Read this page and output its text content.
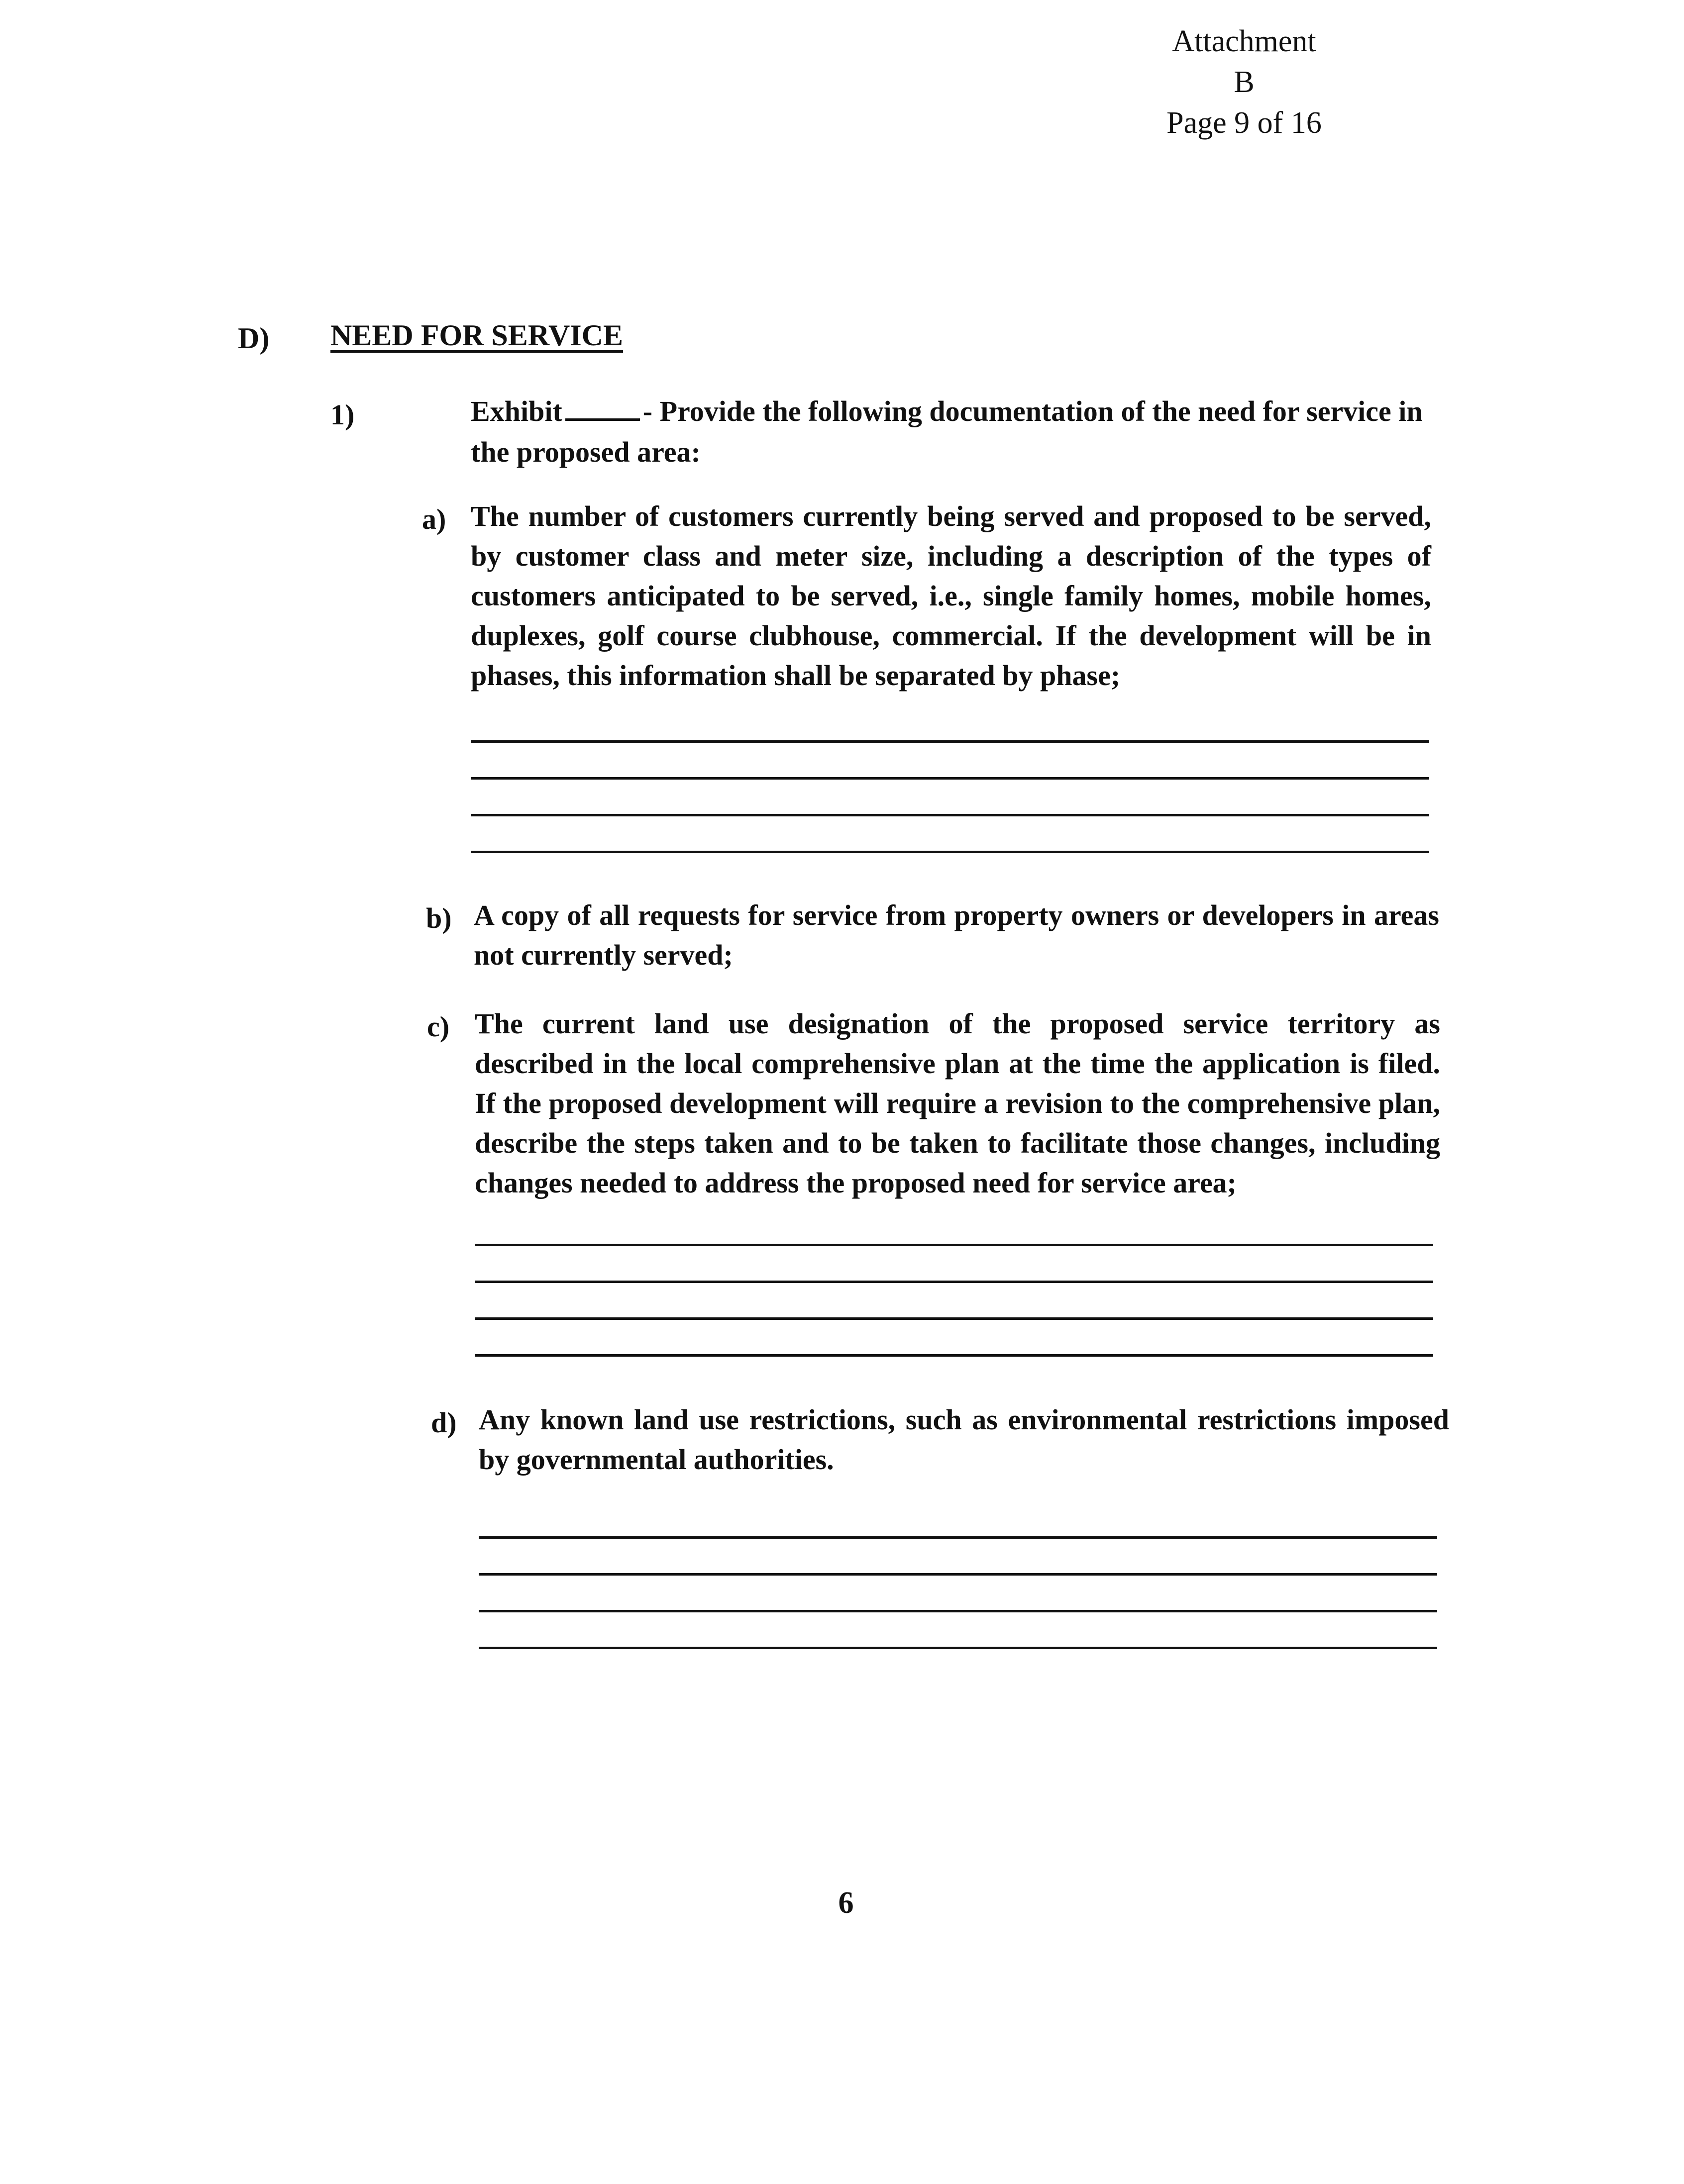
Attachment B
Page 9 of 16
D) NEED FOR SERVICE
1)	Exhibit	- Provide the following documentation of the need for service in the proposed area:
a) The number of customers currently being served and proposed to be served, by customer class and meter size, including a description of the types of customers anticipated to be served, i.e., single family homes, mobile homes, duplexes, golf course clubhouse, commercial. If the development will be in phases, this information shall be separated by phase;
b) A copy of all requests for service from property owners or developers in areas not currently served;
c) The current land use designation of the proposed service territory as described in the local comprehensive plan at the time the application is filed. If the proposed development will require a revision to the comprehensive plan, describe the steps taken and to be taken to facilitate those changes, including changes needed to address the proposed need for service area;
d) Any known land use restrictions, such as environmental restrictions imposed by governmental authorities.
6
